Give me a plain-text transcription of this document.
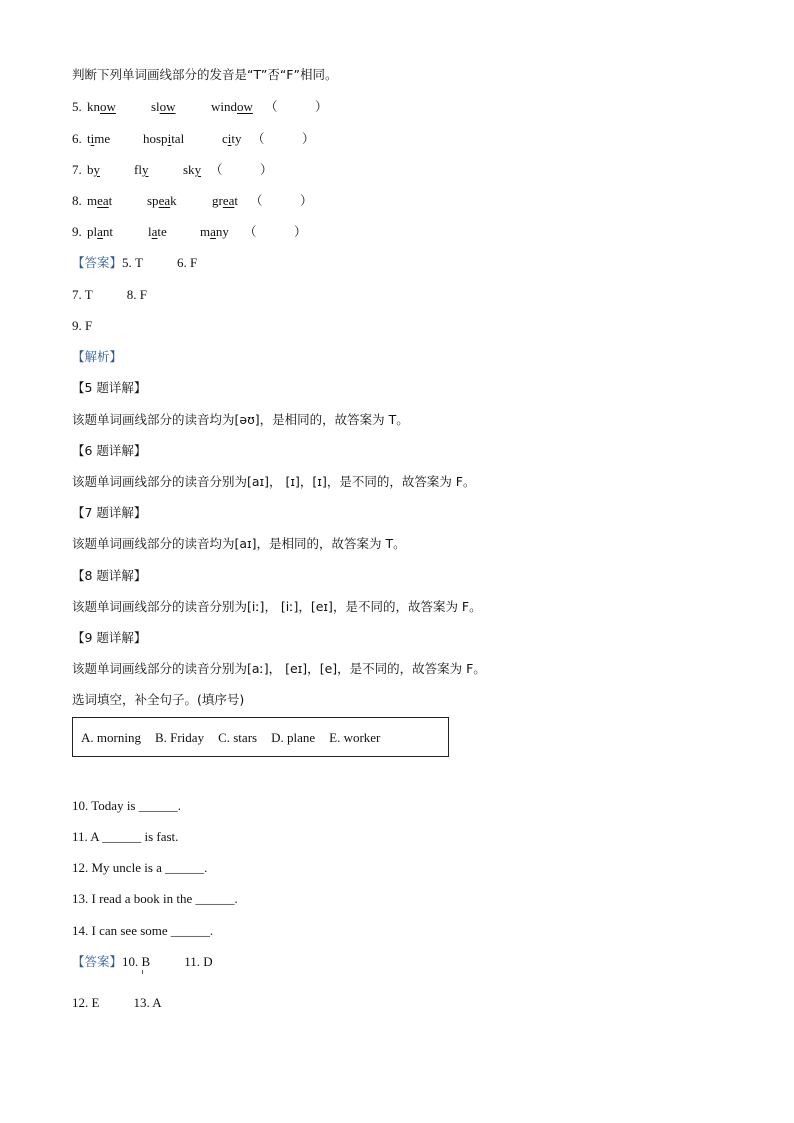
判断下列单词画线部分的发音是“T”否“F”相同。
5. know	slow	window （　　　）
6. time	hospital	city （　　　）
7. by	fly	sky （　　　）
8. meat	speak	great （　　　）
9. plant	late	many （　　　）
【答案】5. T	6. F
7. T	8. F
9. F
【解析】
【5 题详解】
该题单词画线部分的读音均为[əʊ]，是相同的，故答案为 T。
【6 题详解】
该题单词画线部分的读音分别为[aɪ]， [ɪ]，[ɪ]，是不同的，故答案为 F。
【7 题详解】
该题单词画线部分的读音均为[aɪ]，是相同的，故答案为 T。
【8 题详解】
该题单词画线部分的读音分别为[iː]， [iː]，[eɪ]，是不同的，故答案为 F。
【9 题详解】
该题单词画线部分的读音分别为[aː]， [eɪ]，[e]，是不同的，故答案为 F。
选词填空，补全句子。(填序号)
A. morning B. Friday C. stars D. plane E. worker
10. Today is ______.
11. A ______ is fast.
12. My uncle is a ______.
13. I read a book in the ______.
14. I can see some ______.
【答案】10. B	11. D
12. E	13. A
